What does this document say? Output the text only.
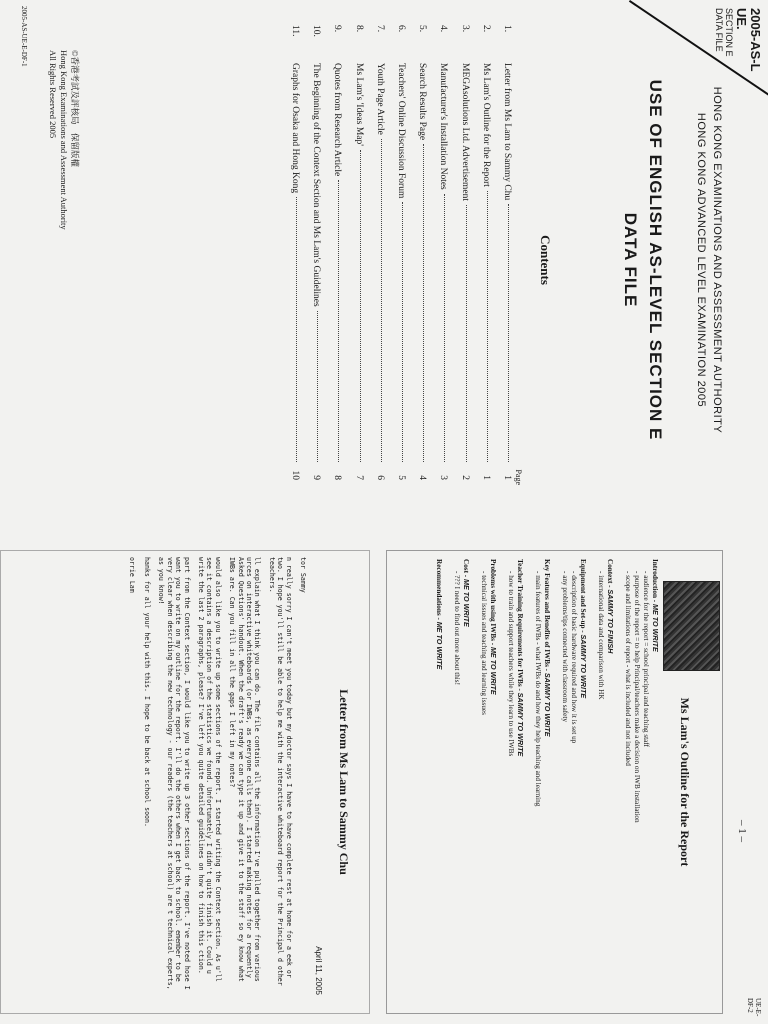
2005-AS-L
UE.
SECTION E
DATA FILE
HONG KONG EXAMINATIONS AND ASSESSMENT AUTHORITY
HONG KONG ADVANCED LEVEL EXAMINATION 2005
USE OF ENGLISH AS-LEVEL SECTION E
DATA FILE
Contents
Page
1.
Letter from Ms Lam to Sammy Chu
1
2.
Ms Lam's Outline for the Report
1
3.
MEGAsolutions Ltd. Advertisement
2
4.
Manufacturer's Installation Notes
3
5.
Search Results Page
4
6.
Teachers' Online Discussion Forum
5
7.
Youth Page Article
6
8.
Ms Lam's 'Ideas Map'
7
9.
Quotes from Research Article
8
10.
The Beginning of the Context Section and Ms Lam's Guidelines
9
11.
Graphs for Osaka and Hong Kong
10
©香港考試及評核局　保留版權
Hong Kong Examinations and Assessment Authority
All Rights Reserved 2005
2005-AS-UE-E-DF-1
– 1 –
UE-E-DF-2
Ms Lam's Outline for the Report
Introduction - ME TO WRITE
- audience for the report = school principal and teaching staff
- purpose of the report = to help Principal/teachers make a decision on IWB installation
- scope and limitations of report - what is included and not included
Context - SAMMY TO FINISH
- international data and comparison with HK
Equipment and Set-up - SAMMY TO WRITE
- description of basic hardware required and how it is set up
- any problems/tips connected with classroom safety
Key Features and Benefits of IWBs - SAMMY TO WRITE
- main features of IWBs - what IWBs do and how they help teaching and learning
Teacher Training Requirements for IWBs - SAMMY TO WRITE
- how to train and support teachers while they learn to use IWBs
Problems with using IWBs - ME TO WRITE
- technical issues and teaching and learning issues
Cost - ME TO WRITE
- ??? I need to find out more about this!
Recommendations - ME TO WRITE
Letter from Ms Lam to Sammy Chu
April 11, 2005

tor Sammy

n really sorry I can't meet you today but my doctor says I have to have complete rest at home for a eek or two. I hope you'll still be able to help me with the interactive whiteboard report for the Principal d other teachers.

ll explain what I think you can do. The file contains all the information I've pulled together from various urces on interactive whiteboards (or IWBs, as everyone calls them). I started making notes for a requently Asked Questions' handout. When the draft's ready we can type it up and give it to the staff so ey know what IWBs are. Can you fill in all the gaps I left in my notes?

would also like you to write up some sections of the report. I started writing the Context section. As u'll see it contains a description of the statistics we found. Unfortunately I didn't quite finish it. Could u write the last 2 paragraphs, please? I've left you quite detailed guidelines on how to finish this ction.

part from the Context section, I would like you to write up 3 other sections of the report. I've noted hose I want you to write on my outline for the report. I'll do the others when I get back to school. emember to be very clear when describing the new technology - our readers (the teachers at school) are t technical experts, as you know!

hanks for all your help with this. I hope to be back at school soon.

orrie Lam
